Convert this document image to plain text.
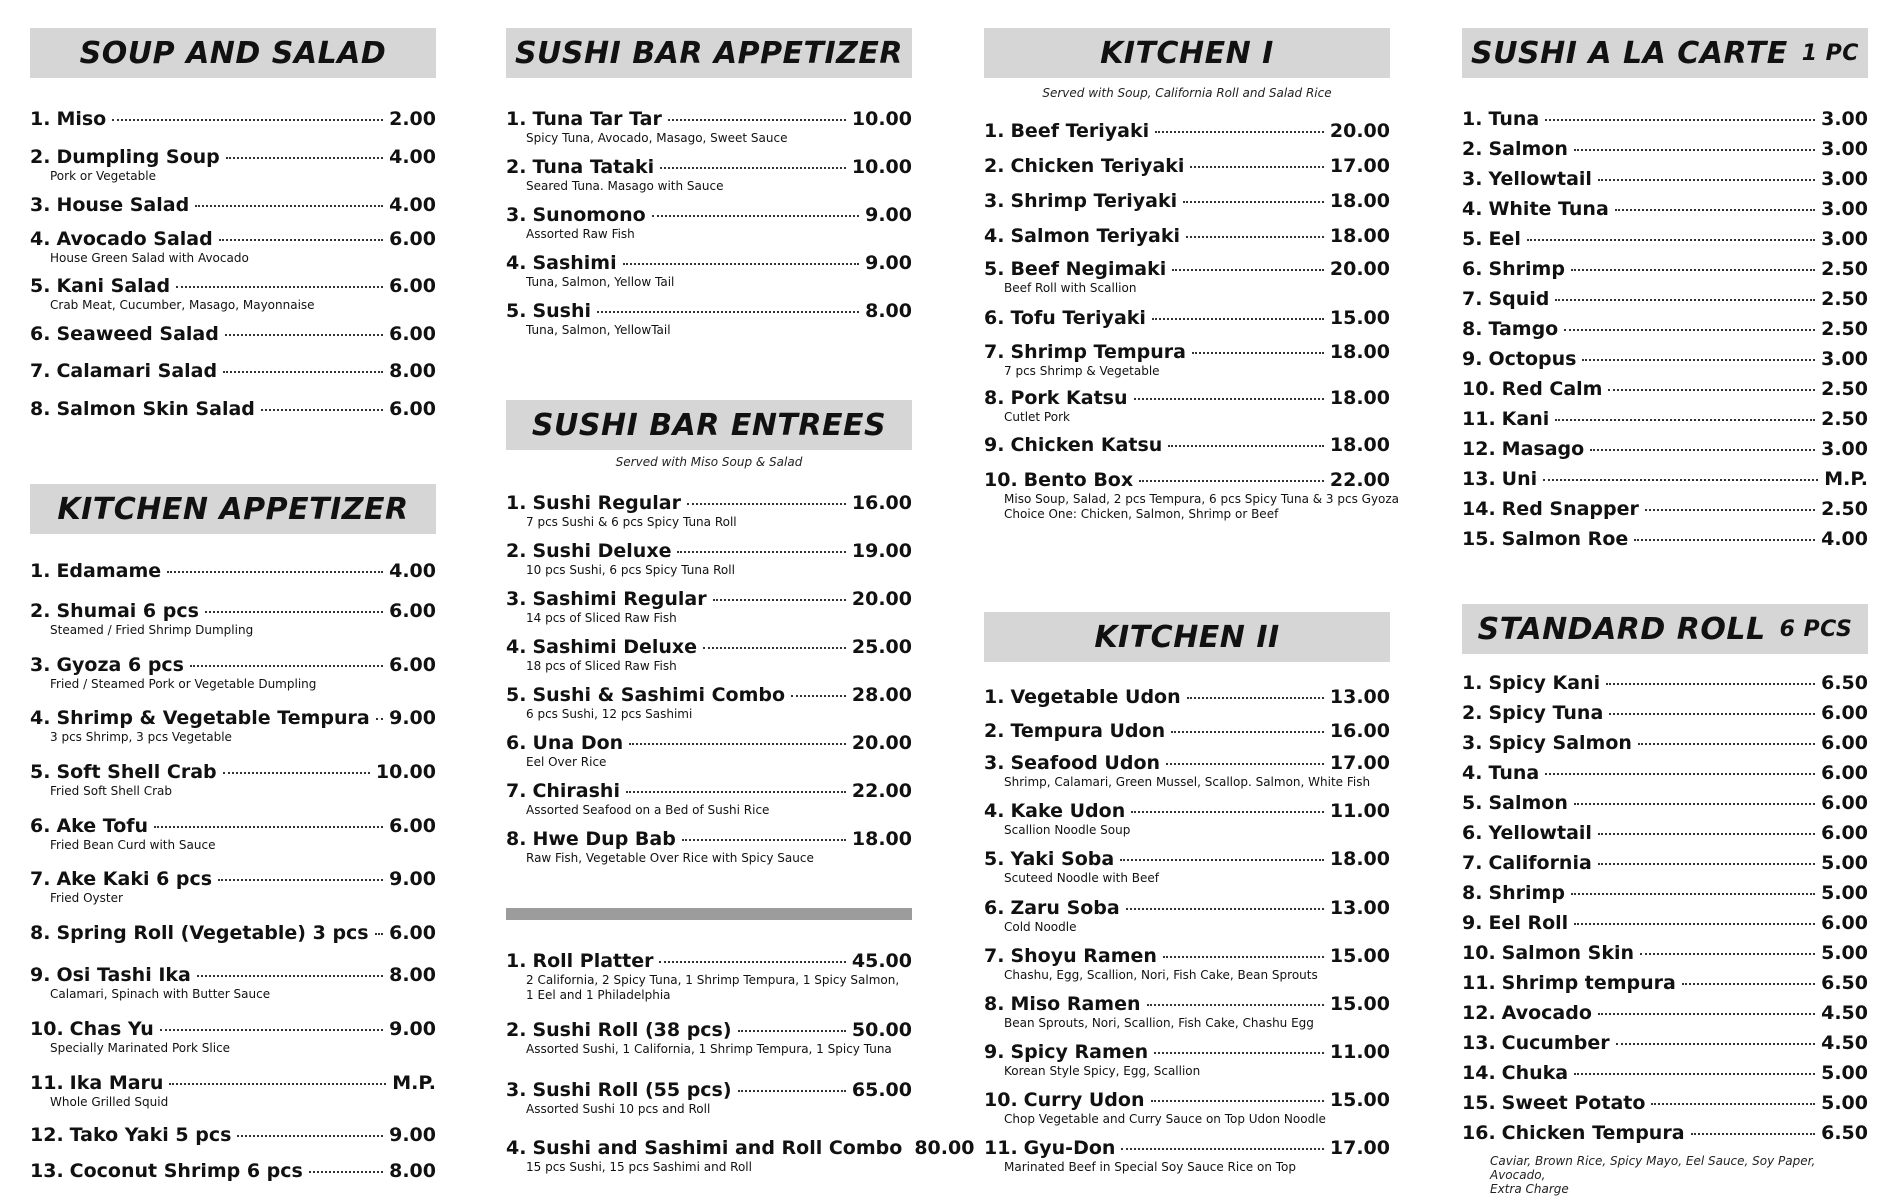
SOUP AND SALAD
1. Miso	2.00
2. Dumpling Soup	4.00
Pork or Vegetable
3. House Salad	4.00
4. Avocado Salad	6.00
House Green Salad with Avocado
5. Kani Salad	6.00
Crab Meat, Cucumber, Masago, Mayonnaise
6. Seaweed Salad	6.00
7. Calamari Salad	8.00
8. Salmon Skin Salad	6.00
KITCHEN APPETIZER
1. Edamame	4.00
2. Shumai 6 pcs	6.00
Steamed / Fried Shrimp Dumpling
3. Gyoza 6 pcs	6.00
Fried / Steamed Pork or Vegetable Dumpling
4. Shrimp & Vegetable Tempura 9.00
3 pcs Shrimp, 3 pcs Vegetable
5. Soft Shell Crab	10.00
Fried Soft Shell Crab
6. Ake Tofu	6.00
Fried Bean Curd with Sauce
7. Ake Kaki 6 pcs	9.00
Fried Oyster
8. Spring Roll (Vegetable) 3 pcs 6.00
9. Osi Tashi Ika	8.00
Calamari, Spinach with Butter Sauce
10. Chas Yu	9.00
Specially Marinated Pork Slice
11. Ika Maru	M.P.
Whole Grilled Squid
12. Tako Yaki 5 pcs	9.00
13. Coconut Shrimp 6 pcs	8.00
SUSHI BAR APPETIZER
1. Tuna Tar Tar	10.00
Spicy Tuna, Avocado, Masago, Sweet Sauce
2. Tuna Tataki	10.00
Seared Tuna. Masago with Sauce
3. Sunomono	9.00
Assorted Raw Fish
4. Sashimi	9.00
Tuna, Salmon, Yellow Tail
5. Sushi	8.00
Tuna, Salmon, YellowTail
SUSHI BAR ENTREES
Served with Miso Soup & Salad
1. Sushi Regular	16.00
7 pcs Sushi & 6 pcs Spicy Tuna Roll
2. Sushi Deluxe	19.00
10 pcs Sushi, 6 pcs Spicy Tuna Roll
3. Sashimi Regular	20.00
14 pcs of Sliced Raw Fish
4. Sashimi Deluxe	25.00
18 pcs of Sliced Raw Fish
5. Sushi & Sashimi Combo	28.00
6 pcs Sushi, 12 pcs Sashimi
6. Una Don	20.00
Eel Over Rice
7. Chirashi	22.00
Assorted Seafood on a Bed of Sushi Rice
8. Hwe Dup Bab	18.00
Raw Fish, Vegetable Over Rice with Spicy Sauce
1. Roll Platter	45.00
2 California, 2 Spicy Tuna, 1 Shrimp Tempura, 1 Spicy Salmon,
1 Eel and 1 Philadelphia
2. Sushi Roll (38 pcs)	50.00
Assorted Sushi, 1 California, 1 Shrimp Tempura, 1 Spicy Tuna
3. Sushi Roll (55 pcs)	65.00
Assorted Sushi 10 pcs and Roll
4. Sushi and Sashimi and Roll Combo 80.00
15 pcs Sushi, 15 pcs Sashimi and Roll
KITCHEN I
Served with Soup, California Roll and Salad Rice
1. Beef Teriyaki	20.00
2. Chicken Teriyaki	17.00
3. Shrimp Teriyaki	18.00
4. Salmon Teriyaki	18.00
5. Beef Negimaki	20.00
Beef Roll with Scallion
6. Tofu Teriyaki	15.00
7. Shrimp Tempura	18.00
7 pcs Shrimp & Vegetable
8. Pork Katsu	18.00
Cutlet Pork
9. Chicken Katsu	18.00
10. Bento Box	22.00
Miso Soup, Salad, 2 pcs Tempura, 6 pcs Spicy Tuna & 3 pcs Gyoza
Choice One: Chicken, Salmon, Shrimp or Beef
KITCHEN II
1. Vegetable Udon	13.00
2. Tempura Udon	16.00
3. Seafood Udon	17.00
Shrimp, Calamari, Green Mussel, Scallop. Salmon, White Fish
4. Kake Udon	11.00
Scallion Noodle Soup
5. Yaki Soba	18.00
Scuteed Noodle with Beef
6. Zaru Soba	13.00
Cold Noodle
7. Shoyu Ramen	15.00
Chashu, Egg, Scallion, Nori, Fish Cake, Bean Sprouts
8. Miso Ramen	15.00
Bean Sprouts, Nori, Scallion, Fish Cake, Chashu Egg
9. Spicy Ramen	11.00
Korean Style Spicy, Egg, Scallion
10. Curry Udon	15.00
Chop Vegetable and Curry Sauce on Top Udon Noodle
11. Gyu-Don	17.00
Marinated Beef in Special Soy Sauce Rice on Top
SUSHI A LA CARTE 1 PC
1. Tuna	3.00
2. Salmon	3.00
3. Yellowtail	3.00
4. White Tuna	3.00
5. Eel	3.00
6. Shrimp	2.50
7. Squid	2.50
8. Tamgo	2.50
9. Octopus	3.00
10. Red Calm	2.50
11. Kani	2.50
12. Masago	3.00
13. Uni	M.P.
14. Red Snapper	2.50
15. Salmon Roe	4.00
STANDARD ROLL 6 PCS
1. Spicy Kani	6.50
2. Spicy Tuna	6.00
3. Spicy Salmon	6.00
4. Tuna	6.00
5. Salmon	6.00
6. Yellowtail	6.00
7. California	5.00
8. Shrimp	5.00
9. Eel Roll	6.00
10. Salmon Skin	5.00
11. Shrimp tempura	6.50
12. Avocado	4.50
13. Cucumber	4.50
14. Chuka	5.00
15. Sweet Potato	5.00
16. Chicken Tempura	6.50
Caviar, Brown Rice, Spicy Mayo, Eel Sauce, Soy Paper, Avocado,
Extra Charge
